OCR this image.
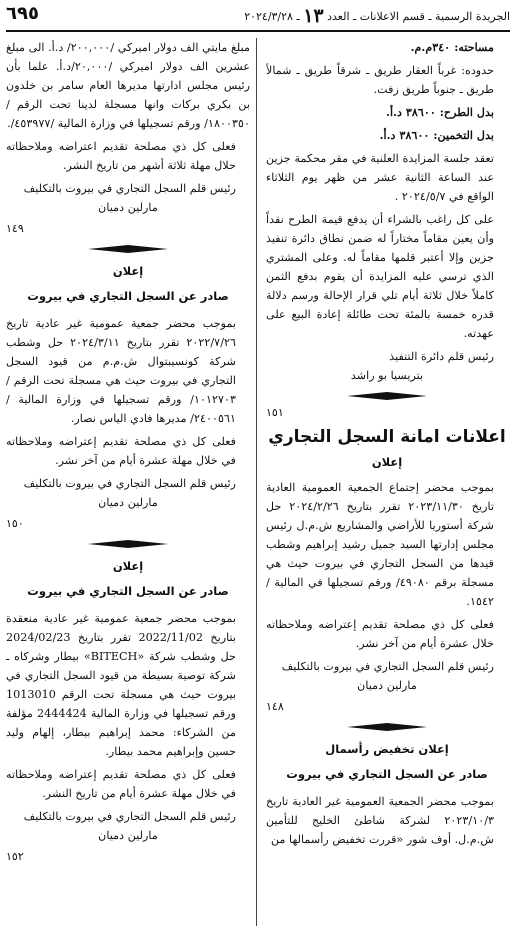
الجريدة الرسمية ـ قسم الاعلانات ـ العدد ١٣ ـ ٢٠٢٤/٣/٢٨
٦٩٥

مساحته: ٣٤٠م.م.

حدوده: غرباً العقار طريق ـ شرقاً طريق ـ شمالاً طريق ـ جنوباً طريق زفت.

بدل الطرح: ٣٨٦٠٠ د.أ.

بدل التخمين: ٣٨٦٠٠ د.أ.

تعقد جلسة المزايدة العلنية في مقر محكمة جزين عند الساعة الثانية عشر من ظهر يوم الثلاثاء الواقع في ٢٠٢٤/٥/٧ .

على كل راغب بالشراء أن يدفع قيمة الطرح نقداً وأن يعين مقاماً مختاراً له ضمن نطاق دائرة تنفيذ جزين وإلا أعتبر قلمها مقاماً له. وعلى المشتري الذي ترسي عليه المزايدة أن يقوم بدفع الثمن كاملاً خلال ثلاثة أيام تلي قرار الإحالة ورسم دلالة قدره خمسة بالمئة تحت طائلة إعادة البيع على عهدته.

رئيس قلم دائرة التنفيذ

بتريسيا بو راشد

١٥١
اعلانات امانة السجل التجاري
إعلان

بموجب محضر إجتماع الجمعية العمومية العادية تاريخ ٢٠٢٣/١١/٣٠ تقرر بتاريخ ٢٠٢٤/٢/٢٦ حل شركة أستوريا للأراضي والمشاريع ش.م.ل رئيس مجلس إدارتها السيد جميل رشيد إبراهيم وشطب قيدها من السجل التجاري في بيروت حيث هي مسجلة برقم ٤٩٠٨٠/ ورقم تسجيلها في المالية /١٥٤٢.

فعلى كل ذي مصلحة تقديم إعتراضه وملاحظاته خلال عشرة أيام من آخر نشر.

رئيس قلم السجل التجاري في بيروت بالتكليف

مارلين دميان

١٤٨
إعلان تخفيض رأسمال
صادر عن السجل التجاري في بيروت

بموجب محضر الجمعية العمومية غير العادية تاريخ ٢٠٢٣/١٠/٣ لشركة شاطئ الخليج للتأمين ش.م.ل. أوف شور «قررت تخفيض رأسمالها من

مبلغ مايتي الف دولار اميركي /٢٠٠,٠٠٠/ د.أ. الى مبلغ عشرين الف دولار اميركي /٢٠,٠٠٠/د.أ. علما بأن رئيس مجلس ادارتها مديرها العام سامر بن خلدون بن بكري بركات وانها مسجلة لدينا تحت الرقم /١٨٠٠٣٥٠/ ورقم تسجيلها في وزارة المالية /٤٥٣٩٧٧/.

فعلى كل ذي مصلحة تقديم اعتراضه وملاحظاته حلال مهلة ثلاثة أشهر من تاريخ النشر.

رئيس قلم السجل التجاري في بيروت بالتكليف

مارلين دميان

١٤٩
إعلان
صادر عن السجل التجاري في بيروت

بموجب محضر جمعية عمومية غير عادية تاريخ ٢٠٢٢/٧/٢٦ تقرر بتاريخ ٢٠٢٤/٣/١١ حل وشطب شركة كونسيبتوال ش.م.م من قيود السجل التجاري في بيروت حيث هي مسجلة تحت الرقم /١٠١٢٧٠٣/ ورقم تسجيلها في وزارة المالية /٢٤٠٠٥٦١/ مديرها فادي الياس نصار.

فعلى كل ذي مصلحة تقديم إعتراضه وملاحظاته في خلال مهلة عشرة أيام من آخر نشر.

رئيس قلم السجل التجاري في بيروت بالتكليف

مارلين دميان

١٥٠
إعلان
صادر عن السجل التجاري في بيروت

بموجب محضر جمعية عمومية غير عادية منعقدة بتاريخ 2022/11/02 تقرر بتاريخ 2024/02/23 حل وشطب شركة «BITECH» بيطار وشركاه ـ شركة توصية بسيطة من قيود السجل التجاري في بيروت حيث هي مسجلة تحت الرقم 1013010 ورقم تسجيلها في وزارة المالية 2444424 مؤلفة من الشركاء: محمد إبراهيم بيطار، إلهام وليد حسين وإبراهيم محمد بيطار.

فعلى كل ذي مصلحة تقديم إعتراضه وملاحظاته في خلال مهلة عشرة أيام من تاريخ النشر.

رئيس قلم السجل التجاري في بيروت بالتكليف

مارلين دميان

١٥٢
